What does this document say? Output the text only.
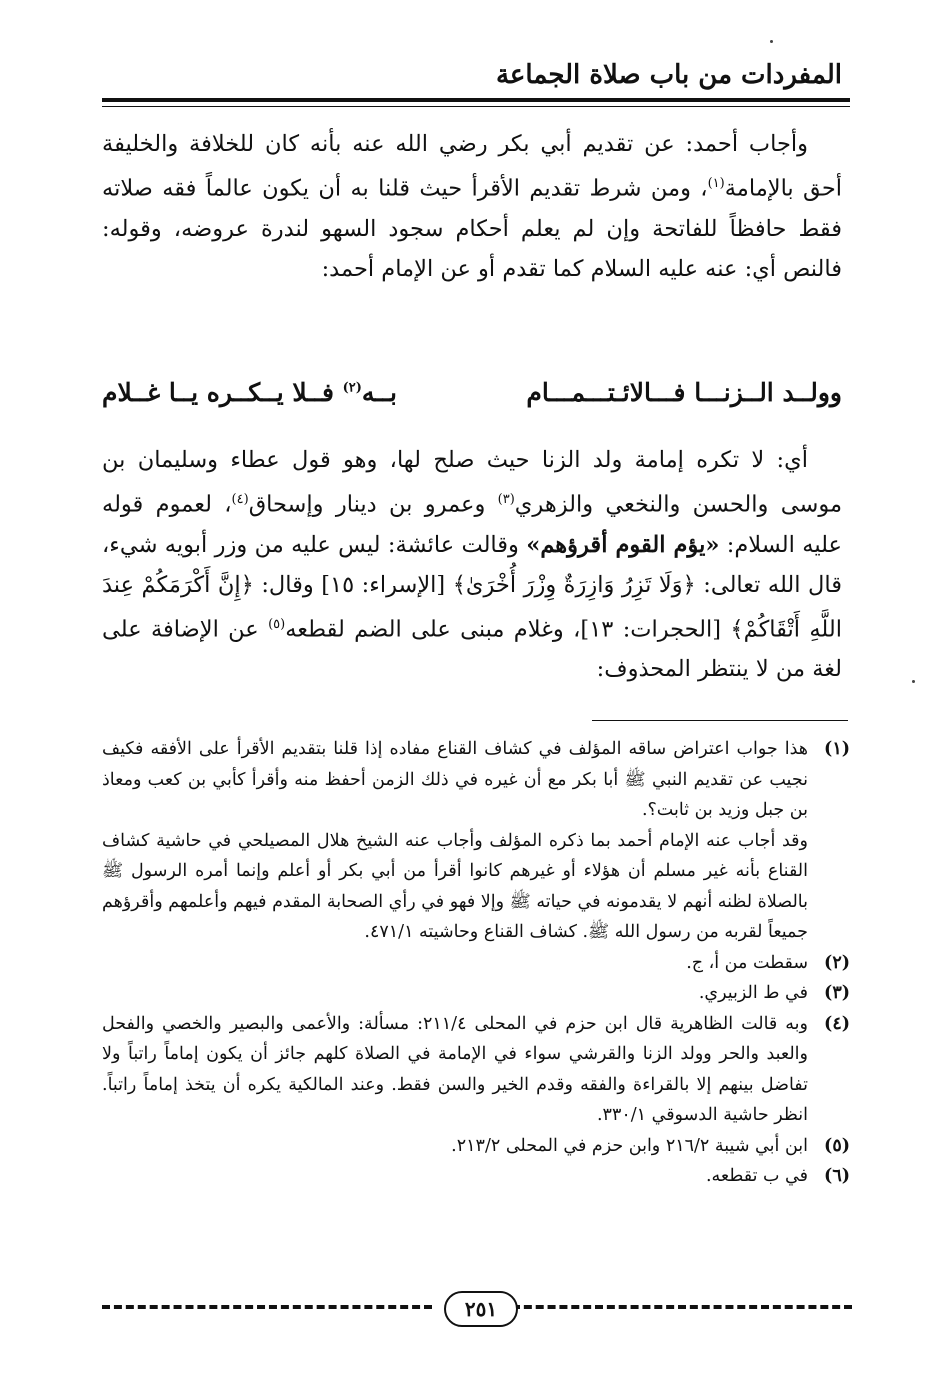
المفردات من باب صلاة الجماعة

وأجاب أحمد: عن تقديم أبي بكر رضي الله عنه بأنه كان للخلافة والخليفة أحق بالإمامة$^{(١)}$، ومن شرط تقديم الأقرأ حيث قلنا به أن يكون عالماً فقه صلاته فقط حافظاً للفاتحة وإن لم يعلم أحكام سجود السهو لندرة عروضه، وقوله: فالنص أي: عنه عليه السلام كما تقدم أو عن الإمام أحمد:

وولــد الــزنـــا فـــالائـتـــمـــام
بــه$^{(٢)}$ فــلا يــكــره يــا غــلام

أي: لا تكره إمامة ولد الزنا حيث صلح لها، وهو قول عطاء وسليمان بن موسى والحسن والنخعي والزهري$^{(٣)}$ وعمرو بن دينار وإسحاق$^{(٤)}$، لعموم قوله عليه السلام: «يؤم القوم أقرؤهم» وقالت عائشة: ليس عليه من وزر أبويه شيء، قال الله تعالى: ﴿وَلَا تَزِرُ وَازِرَةٌ وِزْرَ أُخْرَىٰ﴾ [الإسراء: ١٥] وقال: ﴿إِنَّ أَكْرَمَكُمْ عِندَ اللَّهِ أَتْقَاكُمْ﴾ [الحجرات: ١٣]، وغلام مبنى على الضم لقطعه$^{(٥)}$ عن الإضافة على لغة من لا ينتظر المحذوف:

(١)
هذا جواب اعتراض ساقه المؤلف في كشاف القناع مفاده إذا قلنا بتقديم الأقرأ على الأفقه فكيف نجيب عن تقديم النبي ﷺ أبا بكر مع أن غيره في ذلك الزمن أحفظ منه وأقرأ كأبي بن كعب ومعاذ بن جبل وزيد بن ثابت؟.
وقد أجاب عنه الإمام أحمد بما ذكره المؤلف وأجاب عنه الشيخ هلال المصيلحي في حاشية كشاف القناع بأنه غير مسلم أن هؤلاء أو غيرهم كانوا أقرأ من أبي بكر أو أعلم وإنما أمره الرسول ﷺ بالصلاة لظنه أنهم لا يقدمونه في حياته ﷺ وإلا فهو في رأي الصحابة المقدم فيهم وأعلمهم وأقرؤهم جميعاً لقربه من رسول الله ﷺ. كشاف القناع وحاشيته ٤٧١/١.
(٢)
سقطت من أ، ج.
(٣)
في ط الزبيري.
(٤)
وبه قالت الظاهرية قال ابن حزم في المحلى ٢١١/٤: مسألة: والأعمى والبصير والخصي والفحل والعبد والحر وولد الزنا والقرشي سواء في الإمامة في الصلاة كلهم جائز أن يكون إماماً راتباً ولا تفاضل بينهم إلا بالقراءة والفقه وقدم الخير والسن فقط. وعند المالكية يكره أن يتخذ إماماً راتباً. انظر حاشية الدسوقي ٣٣٠/١.
(٥)
ابن أبي شيبة ٢١٦/٢ وابن حزم في المحلى ٢١٣/٢.
(٦)
في ب تقطعه.
٢٥١
